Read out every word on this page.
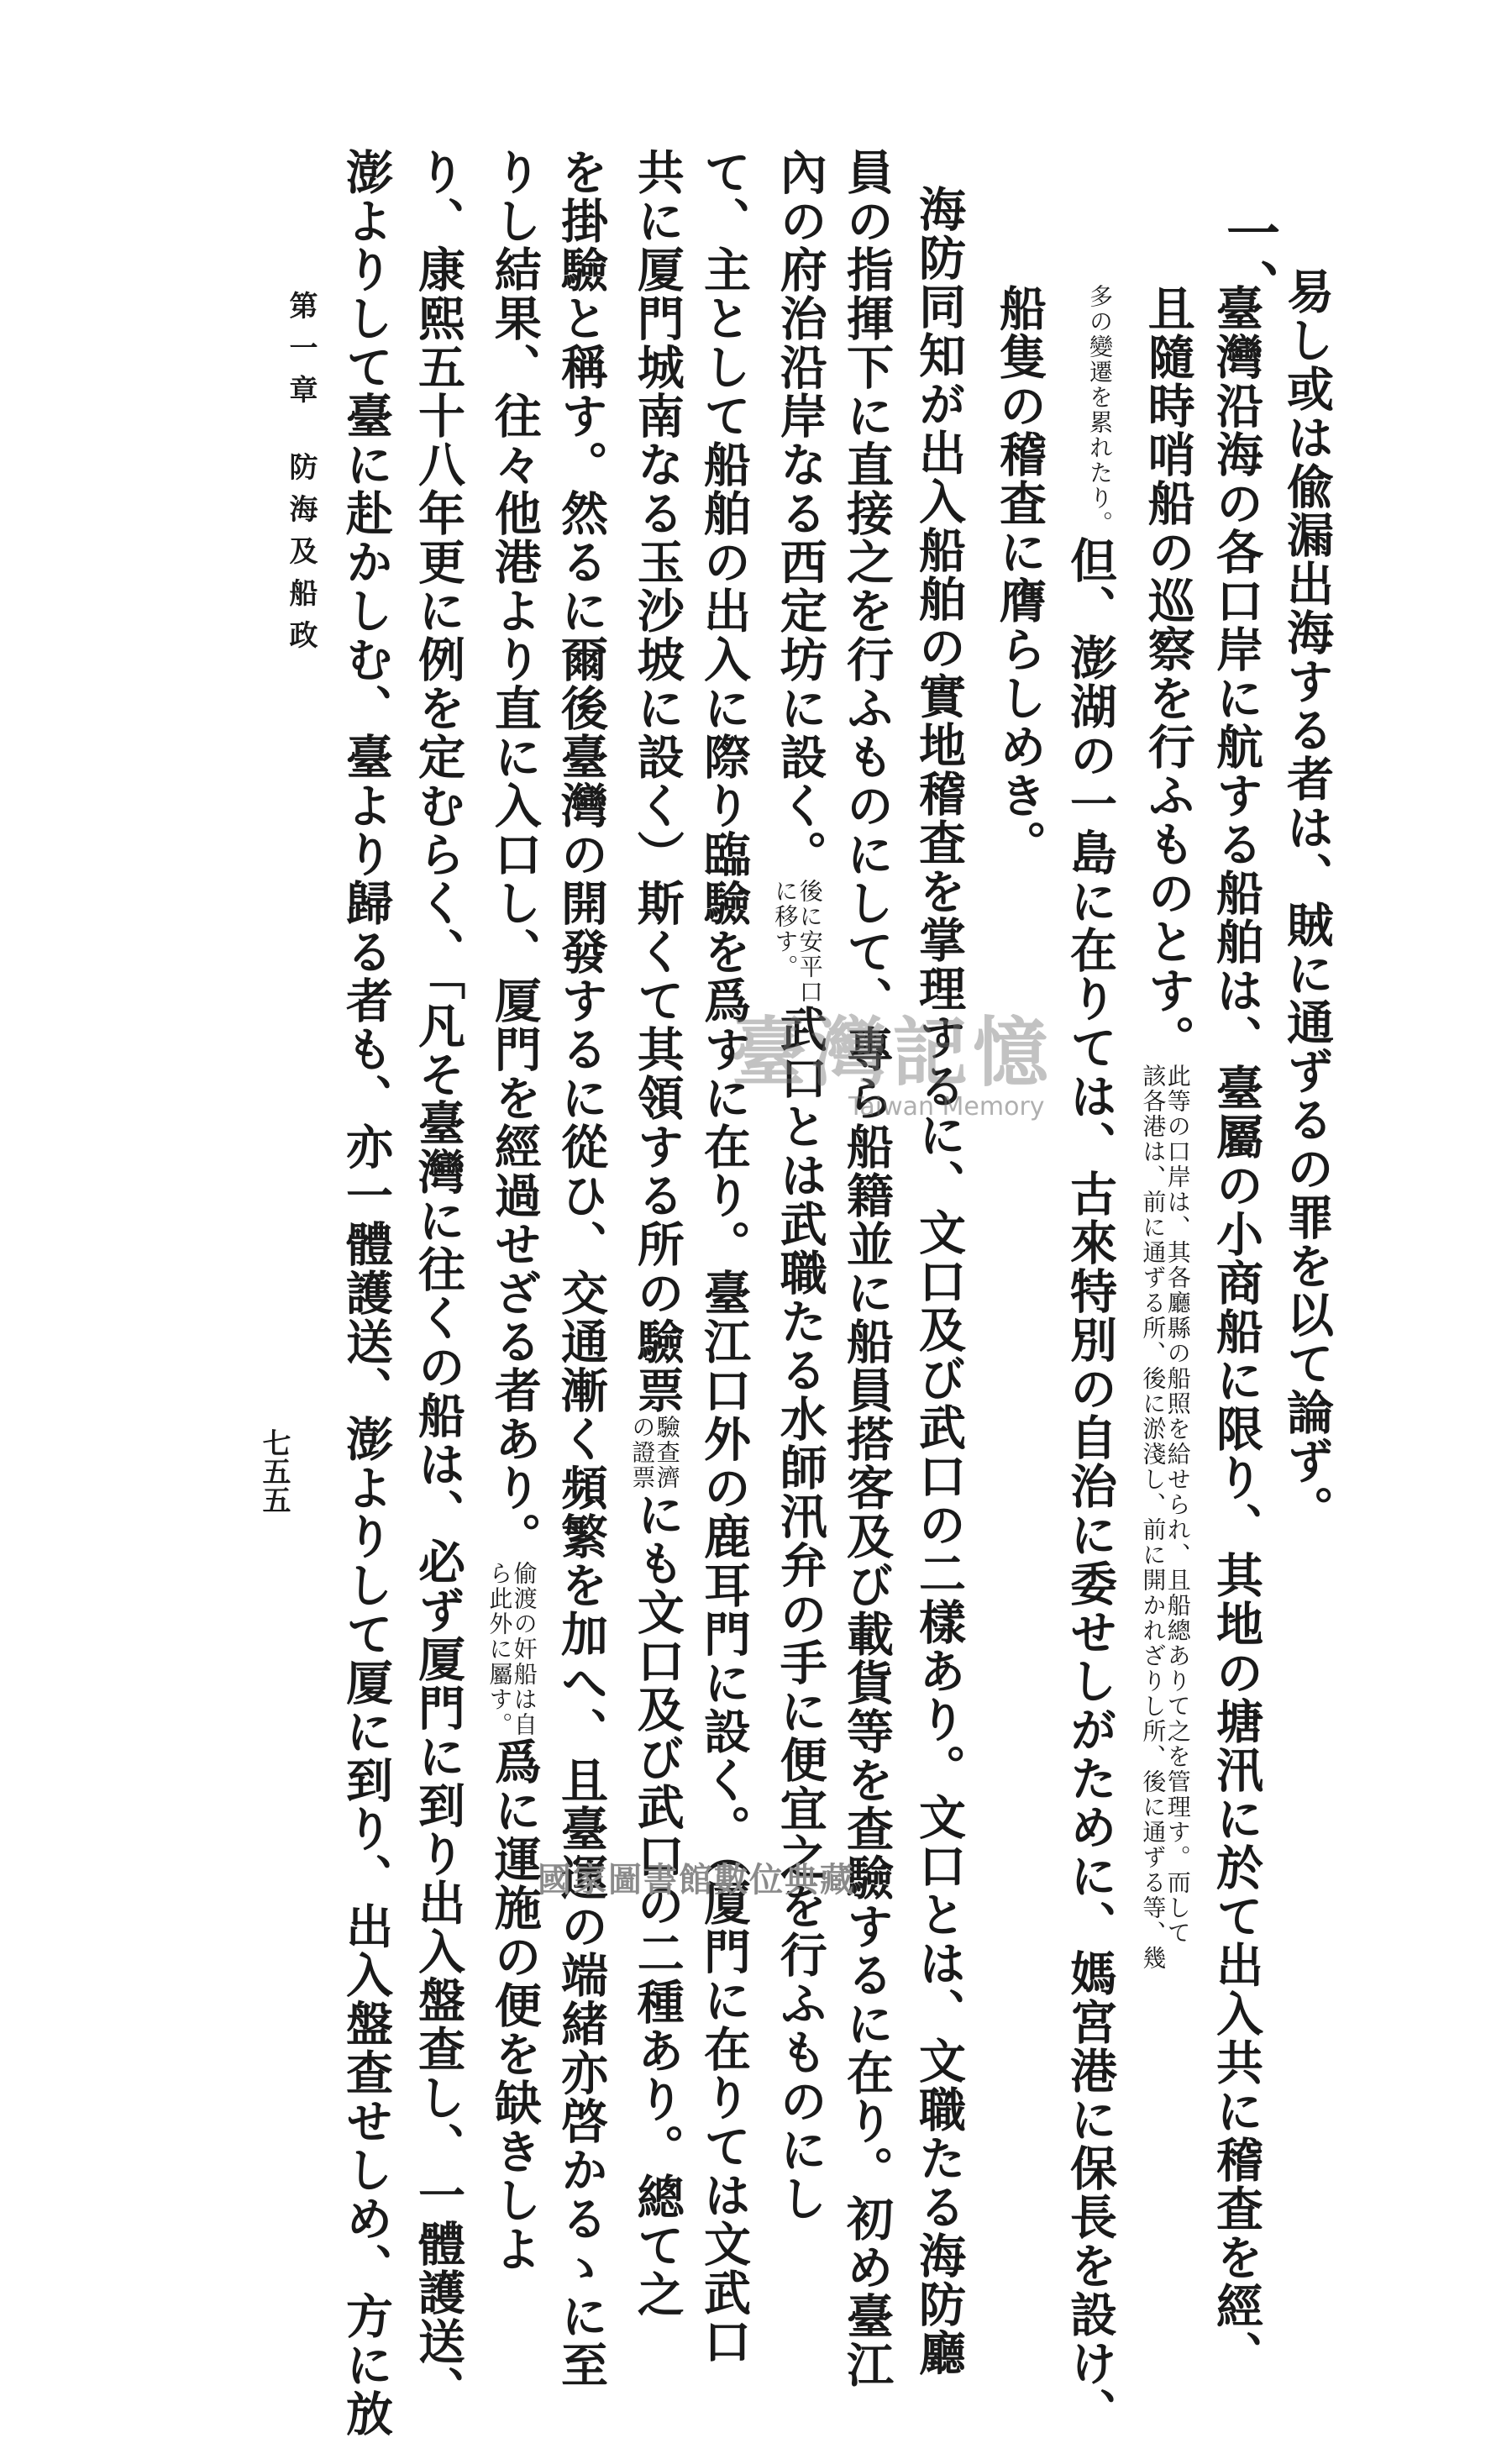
易し或は偸漏出海する者は、賊に通ずるの罪を以て論ず。
臺灣沿海の各口岸に航する船舶は、臺屬の小商船に限り、其地の塘汛に於て出入共に稽査を經、
且隨時哨船の巡察を行ふものとす。此等の口岸は、其各廳縣の船照を給せられ、且船總ありて之を管理す。而して
該各港は、前に通ずる所、後に淤淺し、前に開かれざりし所、後に通ずる等、幾
多の變遷を累れたり。但、澎湖の一島に在りては、古來特別の自治に委せしがために、媽宮港に保長を設け、
船隻の稽査に膺らしめき。
海防同知が出入船舶の實地稽査を掌理するに、文口及び武口の二樣あり。文口とは、文職たる海防廳
員の指揮下に直接之を行ふものにして、專ら船籍並に船員搭客及び載貨等を查驗するに在り。初め臺江
內の府治沿岸なる西定坊に設く。後に安平口
に移す。武口とは武職たる水師汛弁の手に便宜之を行ふものにし
て、主として船舶の出入に際り臨驗を爲すに在り。臺江口外の鹿耳門に設く。（厦門に在りては文武口
共に厦門城南なる玉沙坡に設く）斯くて其領する所の驗票驗查濟
の證票にも文口及び武口の二種あり。總て之
を掛驗と稱す。然るに爾後臺灣の開發するに從ひ、交通漸く頻繁を加へ、且臺運の端緒亦啓かるゝに至
りし結果、往々他港より直に入口し、厦門を經過せざる者あり。偷渡の奸船は自
ら此外に屬す。爲に運施の便を缺きしよ
り、康熙五十八年更に例を定むらく、「凡そ臺灣に往くの船は、必ず厦門に到り出入盤查し、一體護送、
澎よりして臺に赴かしむ、臺より歸る者も、亦一體護送、澎よりして厦に到り、出入盤查せしめ、方に放	一、
第一章防海及船政
七五五
臺灣記憶
Taiwan Memory
國家圖書館數位典藏
